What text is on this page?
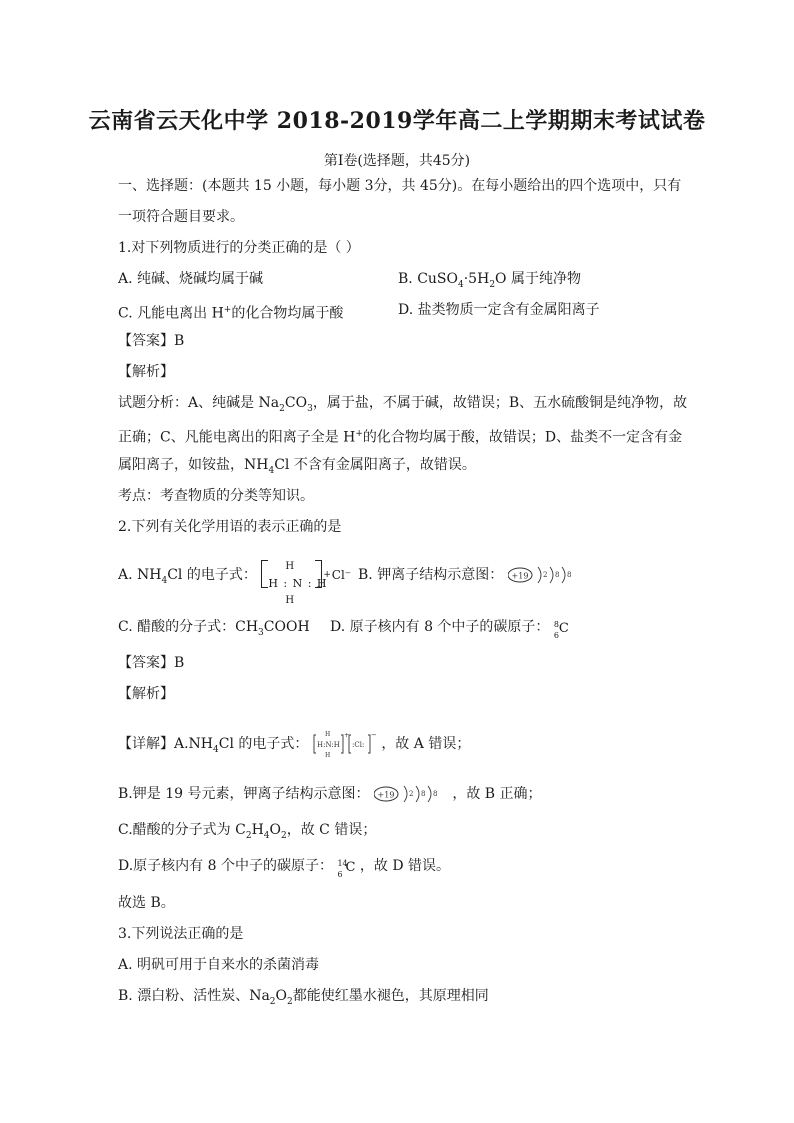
云南省云天化中学 2018-2019学年高二上学期期末考试试卷
第Ⅰ卷(选择题，共45分)
一、选择题：(本题共 15 小题，每小题 3分，共 45分)。在每小题给出的四个选项中，只有
一项符合题目要求。
1.对下列物质进行的分类正确的是（ ）
A. 纯碱、烧碱均属于碱	B. $CuSO_4\cdot 5H_2O$ 属于纯净物
C. 凡能电离出 H+的化合物均属于酸	D. 盐类物质一定含有金属阳离子
【答案】B
【解析】
试题分析：A、纯碱是 $Na_2CO_3$，属于盐，不属于碱，故错误；B、五水硫酸铜是纯净物，故
正确；C、凡能电离出的阳离子全是 H+的化合物均属于酸，故错误；D、盐类不一定含有金
属阳离子，如铵盐，$NH_4Cl$ 不含有金属阳离子，故错误。
考点：考查物质的分类等知识。
2.下列有关化学用语的表示正确的是
A. $NH_4Cl$ 的电子式：
H
H : N : H
H
+ Cl⁻ B. 钾离子结构示意图： +19 2 8 8
C. 醋酸的分子式：$CH_3COOH$ D. 原子核内有 8 个中子的碳原子： 8
6 C
【答案】B
【解析】
【详解】$A.NH_4Cl$ 的电子式： H:N:H
H
H
+
:Cl:
−
，故 A 错误；
B.钾是 19 号元素，钾离子结构示意图： +19 2 8 8 ，故 B 正确；
C.醋酸的分子式为 $C_2H_4O_2$，故 C 错误；
D.原子核内有 8 个中子的碳原子： 14
6 C ，故 D 错误。
故选 B。
3.下列说法正确的是
A. 明矾可用于自来水的杀菌消毒
B. 漂白粉、活性炭、$Na_2O_2$都能使红墨水褪色，其原理相同
